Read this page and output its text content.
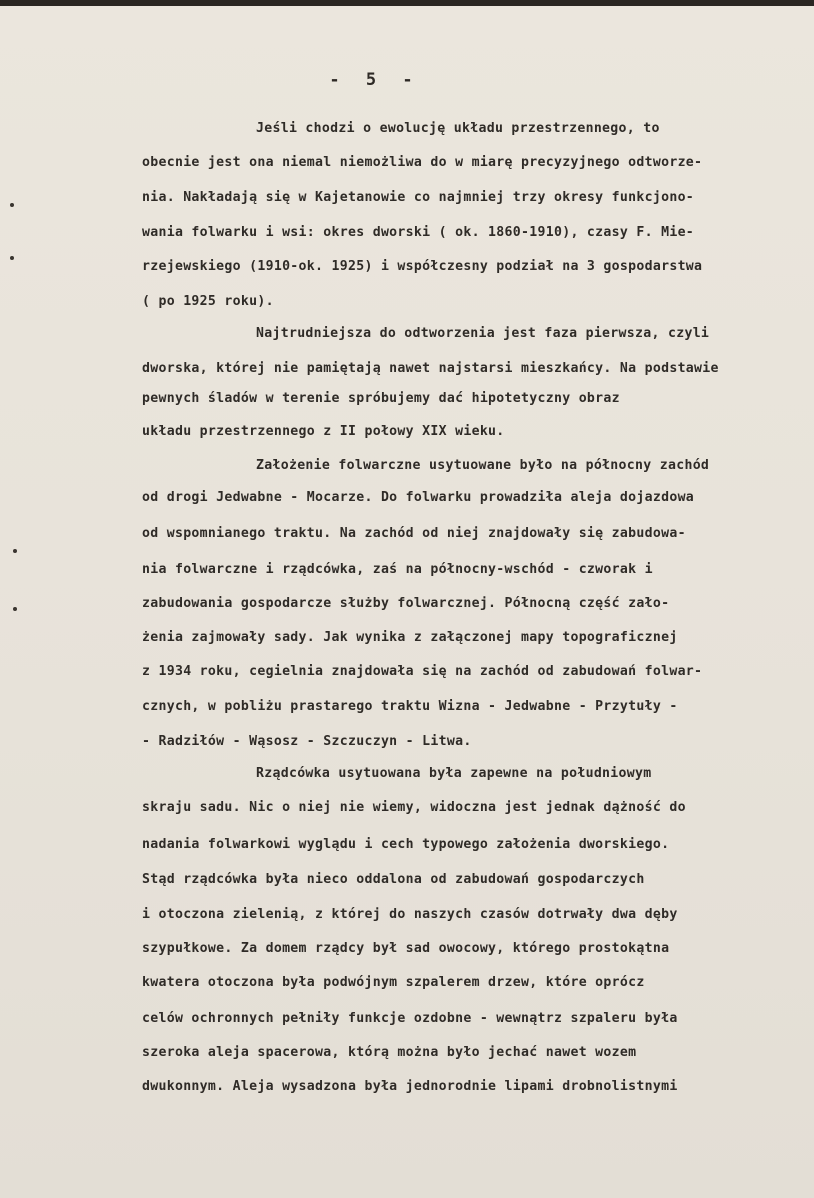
- 5 -
Jeśli chodzi o ewolucję układu przestrzennego, to
obecnie jest ona niemal niemożliwa do w miarę precyzyjnego odtworze-
nia. Nakładają się w Kajetanowie co najmniej trzy okresy funkcjono-
wania folwarku i wsi: okres dworski ( ok. 1860-1910), czasy F. Mie-
rzejewskiego (1910-ok. 1925) i współczesny podział na 3 gospodarstwa
( po 1925 roku).
Najtrudniejsza do odtworzenia jest faza pierwsza, czyli
dworska, której nie pamiętają nawet najstarsi mieszkańcy. Na podstawie
pewnych śladów w terenie spróbujemy dać hipotetyczny obraz
układu przestrzennego z II połowy XIX wieku.
Założenie folwarczne usytuowane było na północny zachód
od drogi Jedwabne - Mocarze. Do folwarku prowadziła aleja dojazdowa
od wspomnianego traktu. Na zachód od niej znajdowały się zabudowa-
nia folwarczne i rządcówka, zaś na północny-wschód - czworak i
zabudowania gospodarcze służby folwarcznej. Północną część zało-
żenia zajmowały sady. Jak wynika z załączonej mapy topograficznej
z 1934 roku, cegielnia znajdowała się na zachód od zabudowań folwar-
cznych, w pobliżu prastarego traktu Wizna - Jedwabne - Przytuły -
- Radziłów - Wąsosz - Szczuczyn - Litwa.
Rządcówka usytuowana była zapewne na południowym
skraju sadu. Nic o niej nie wiemy, widoczna jest jednak dążność do
nadania folwarkowi wyglądu i cech typowego założenia dworskiego.
Stąd rządcówka była nieco oddalona od zabudowań gospodarczych
i otoczona zielenią, z której do naszych czasów dotrwały dwa dęby
szypułkowe. Za domem rządcy był sad owocowy, którego prostokątna
kwatera otoczona była podwójnym szpalerem drzew, które oprócz
celów ochronnych pełniły funkcje ozdobne - wewnątrz szpaleru była
szeroka aleja spacerowa, którą można było jechać nawet wozem
dwukonnym. Aleja wysadzona była jednorodnie lipami drobnolistnymi
